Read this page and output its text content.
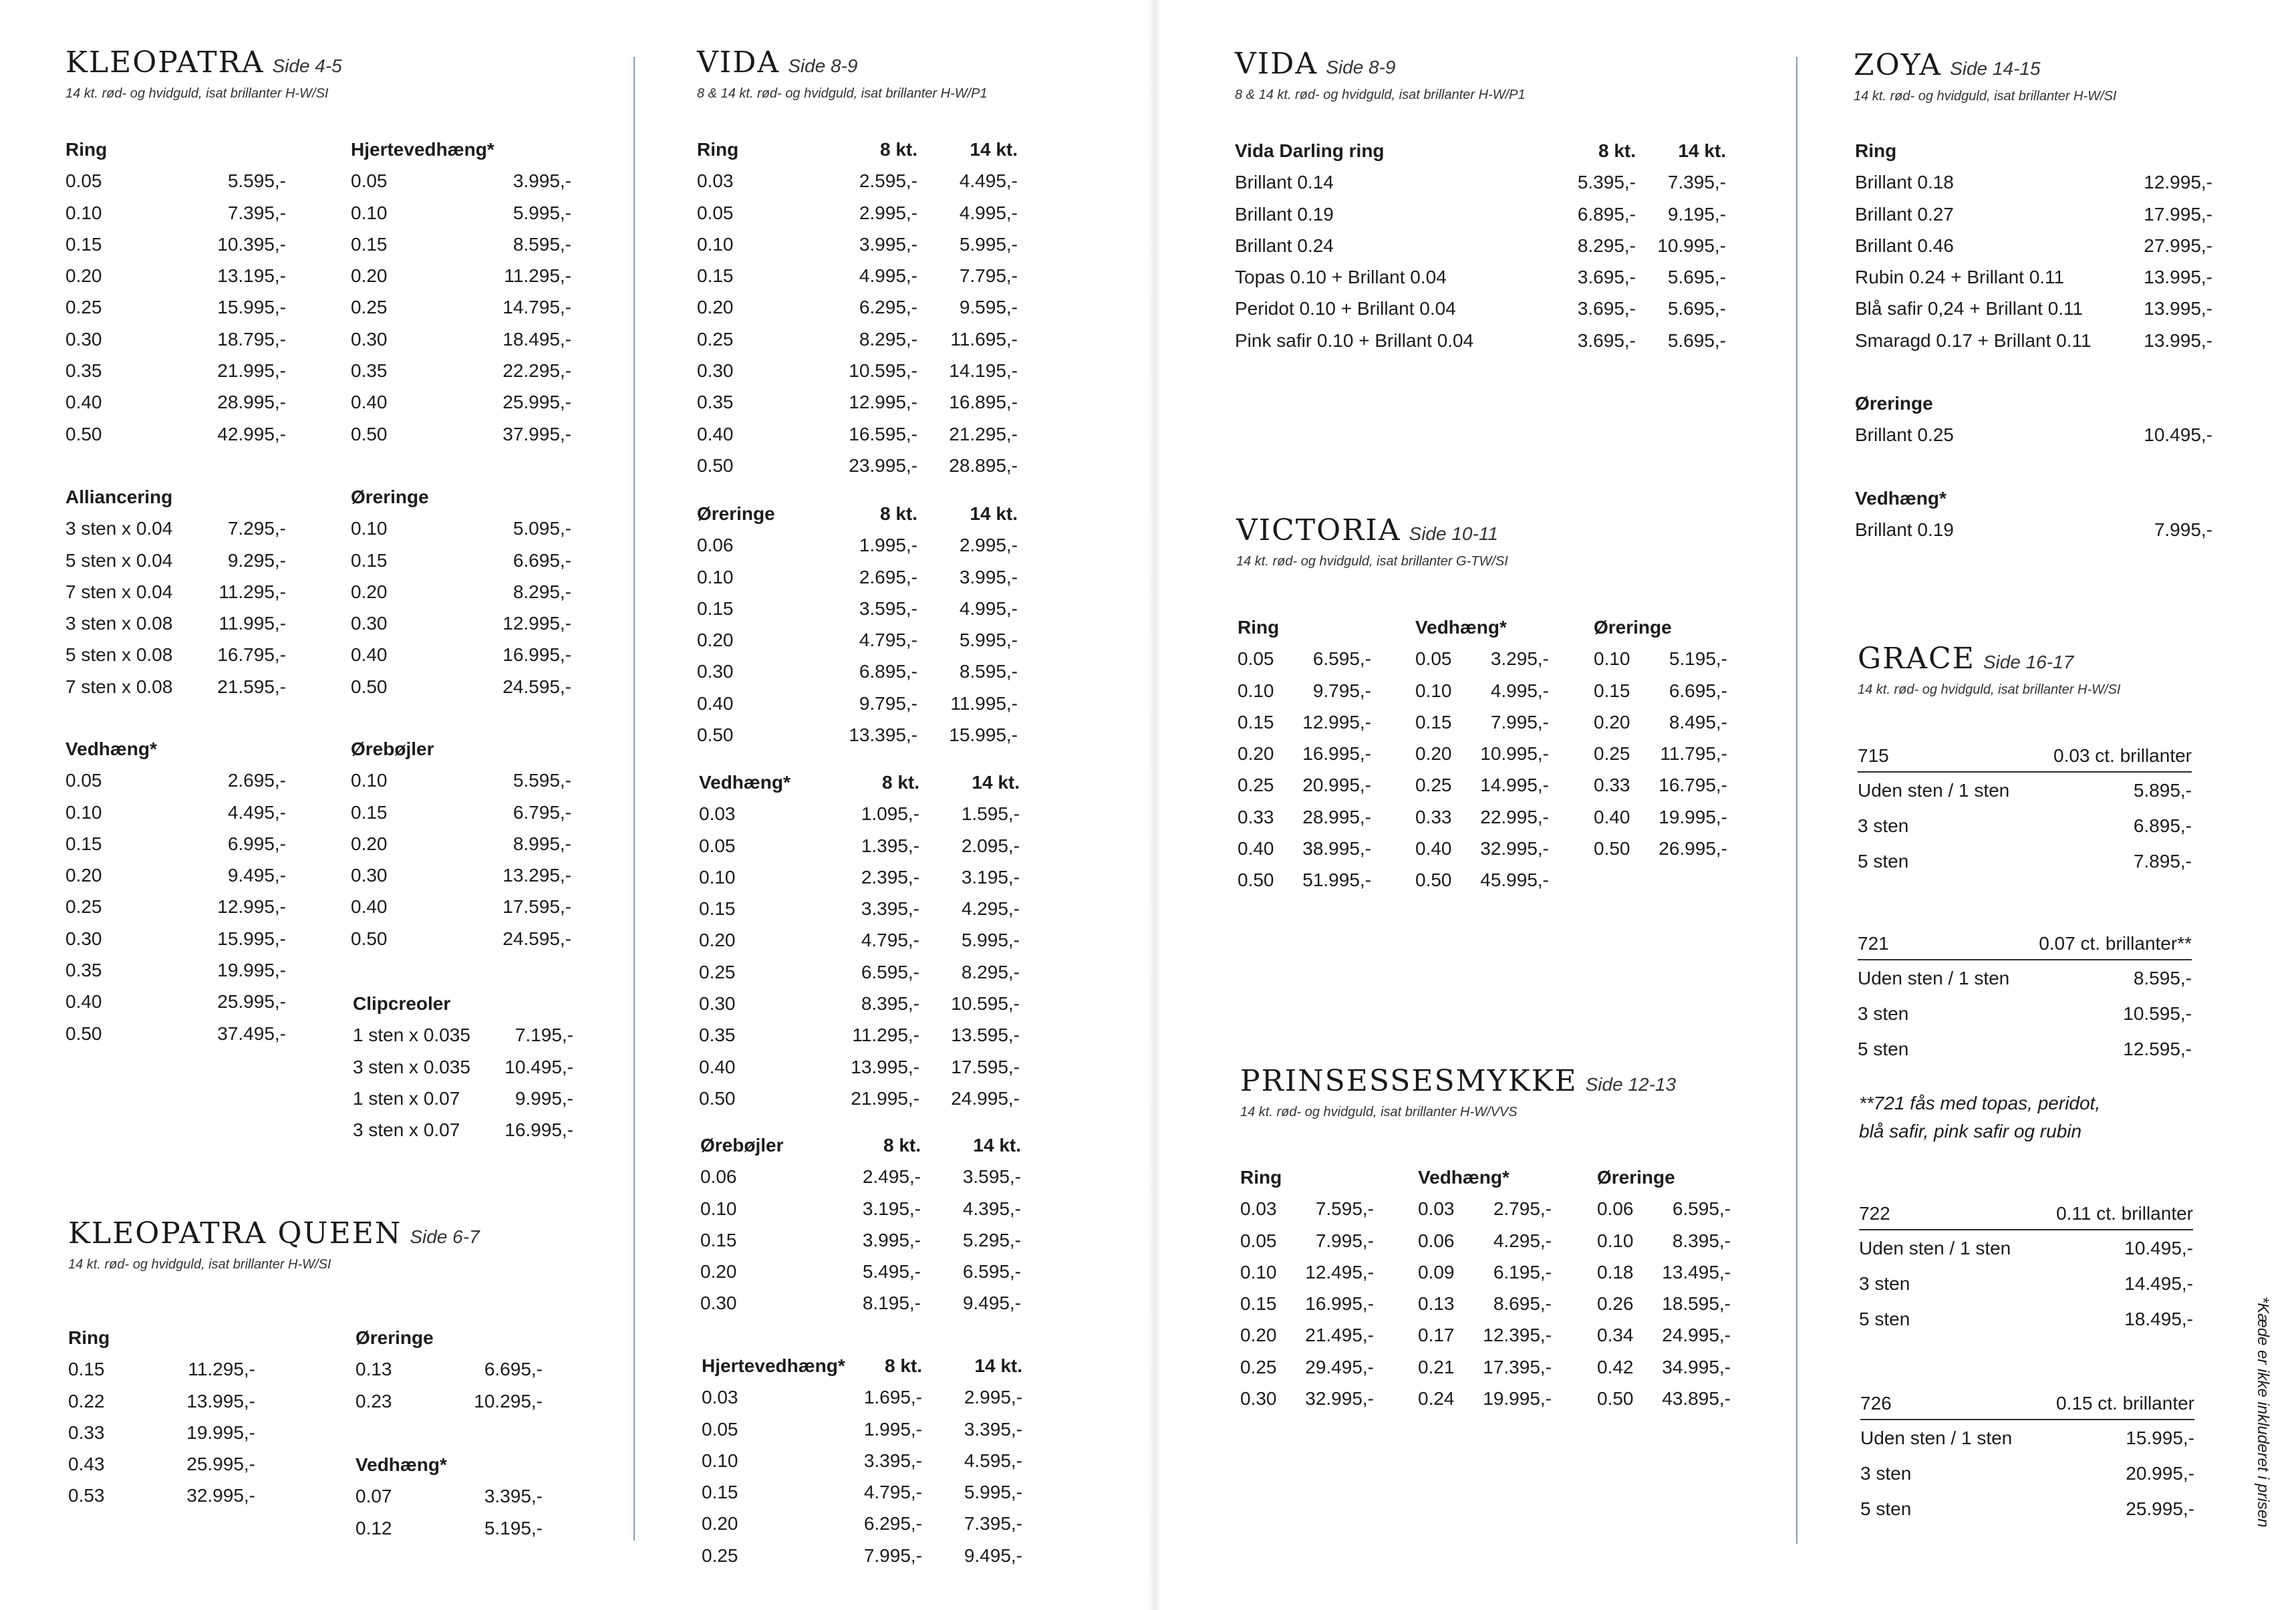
KLEOPATRA Side 4-5
14 kt. rød- og hvidguld, isat brillanter H-W/SI
Ring
0.05	5.595,-
0.10	7.395,-
0.15	10.395,-
0.20	13.195,-
0.25	15.995,-
0.30	18.795,-
0.35	21.995,-
0.40	28.995,-
0.50	42.995,-
Hjertevedhæng*
0.05	3.995,-
0.10	5.995,-
0.15	8.595,-
0.20	11.295,-
0.25	14.795,-
0.30	18.495,-
0.35	22.295,-
0.40	25.995,-
0.50	37.995,-
Alliancering
3 sten x 0.04	7.295,-
5 sten x 0.04	9.295,-
7 sten x 0.04 11.295,-
3 sten x 0.08 11.995,-
5 sten x 0.08 16.795,-
7 sten x 0.08 21.595,-
Øreringe
0.10	5.095,-
0.15	6.695,-
0.20	8.295,-
0.30	12.995,-
0.40	16.995,-
0.50	24.595,-
Vedhæng*
0.05	2.695,-
0.10	4.495,-
0.15	6.995,-
0.20	9.495,-
0.25	12.995,-
0.30	15.995,-
0.35	19.995,-
0.40	25.995,-
0.50	37.495,-
Ørebøjler
0.10	5.595,-
0.15	6.795,-
0.20	8.995,-
0.30	13.295,-
0.40	17.595,-
0.50	24.595,-
Clipcreoler
1 sten x 0.035 7.195,-
3 sten x 0.035 10.495,-
1 sten x 0.07	9.995,-
3 sten x 0.07 16.995,-
KLEOPATRA QUEEN Side 6-7
14 kt. rød- og hvidguld, isat brillanter H-W/SI
Ring
0.15	11.295,-
0.22	13.995,-
0.33	19.995,-
0.43	25.995,-
0.53	32.995,-
Øreringe
0.13	6.695,-
0.23	10.295,-
Vedhæng*
0.07	3.395,-
0.12	5.195,-
VIDA Side 8-9
8 & 14 kt. rød- og hvidguld, isat brillanter H-W/P1
Ring	8 kt.	14 kt.
0.03	2.595,- 4.495,-
0.05	2.995,- 4.995,-
0.10	3.995,- 5.995,-
0.15	4.995,- 7.795,-
0.20	6.295,- 9.595,-
0.25	8.295,- 11.695,-
0.30	10.595,- 14.195,-
0.35	12.995,- 16.895,-
0.40	16.595,- 21.295,-
0.50	23.995,- 28.895,-
Øreringe	8 kt.	14 kt.
0.06	1.995,- 2.995,-
0.10	2.695,- 3.995,-
0.15	3.595,- 4.995,-
0.20	4.795,- 5.995,-
0.30	6.895,- 8.595,-
0.40	9.795,- 11.995,-
0.50	13.395,- 15.995,-
Vedhæng*	8 kt.	14 kt.
0.03	1.095,- 1.595,-
0.05	1.395,- 2.095,-
0.10	2.395,- 3.195,-
0.15	3.395,- 4.295,-
0.20	4.795,- 5.995,-
0.25	6.595,- 8.295,-
0.30	8.395,- 10.595,-
0.35	11.295,- 13.595,-
0.40	13.995,- 17.595,-
0.50	21.995,- 24.995,-
Ørebøjler	8 kt.	14 kt.
0.06	2.495,- 3.595,-
0.10	3.195,- 4.395,-
0.15	3.995,- 5.295,-
0.20	5.495,- 6.595,-
0.30	8.195,- 9.495,-
Hjertevedhæng* 8 kt.	14 kt.
0.03	1.695,- 2.995,-
0.05	1.995,- 3.395,-
0.10	3.395,- 4.595,-
0.15	4.795,- 5.995,-
0.20	6.295,- 7.395,-
0.25	7.995,- 9.495,-
VIDA Side 8-9
8 & 14 kt. rød- og hvidguld, isat brillanter H-W/P1
Vida Darling ring	8 kt. 14 kt.
Brillant 0.14	5.395,- 7.395,-
Brillant 0.19	6.895,- 9.195,-
Brillant 0.24	8.295,- 10.995,-
Topas 0.10 + Brillant 0.04	3.695,- 5.695,-
Peridot 0.10 + Brillant 0.04	3.695,- 5.695,-
Pink safir 0.10 + Brillant 0.04	3.695,- 5.695,-
VICTORIA Side 10-11
14 kt. rød- og hvidguld, isat brillanter G-TW/SI
Ring
0.05 6.595,-
0.10 9.795,-
0.15 12.995,-
0.20 16.995,-
0.25 20.995,-
0.33 28.995,-
0.40 38.995,-
0.50 51.995,-
Vedhæng*
0.05 3.295,-
0.10 4.995,-
0.15 7.995,-
0.20 10.995,-
0.25 14.995,-
0.33 22.995,-
0.40 32.995,-
0.50 45.995,-
Øreringe
0.10 5.195,-
0.15 6.695,-
0.20 8.495,-
0.25 11.795,-
0.33 16.795,-
0.40 19.995,-
0.50 26.995,-
PRINSESSESMYKKE Side 12-13
14 kt. rød- og hvidguld, isat brillanter H-W/VVS
Ring
0.03 7.595,-
0.05 7.995,-
0.10 12.495,-
0.15 16.995,-
0.20 21.495,-
0.25 29.495,-
0.30 32.995,-
Vedhæng*
0.03 2.795,-
0.06 4.295,-
0.09 6.195,-
0.13 8.695,-
0.17 12.395,-
0.21 17.395,-
0.24 19.995,-
Øreringe
0.06 6.595,-
0.10 8.395,-
0.18 13.495,-
0.26 18.595,-
0.34 24.995,-
0.42 34.995,-
0.50 43.895,-
ZOYA Side 14-15
14 kt. rød- og hvidguld, isat brillanter H-W/SI
Ring
Brillant 0.18	12.995,-
Brillant 0.27	17.995,-
Brillant 0.46	27.995,-
Rubin 0.24 + Brillant 0.11	13.995,-
Blå safir 0,24 + Brillant 0.11	13.995,-
Smaragd 0.17 + Brillant 0.11	13.995,-
Øreringe
Brillant 0.25	10.495,-
Vedhæng*
Brillant 0.19	7.995,-
GRACE Side 16-17
14 kt. rød- og hvidguld, isat brillanter H-W/SI
715	0.03 ct. brillanter
Uden sten / 1 sten	5.895,-
3 sten	6.895,-
5 sten	7.895,-
721	0.07 ct. brillanter**
Uden sten / 1 sten	8.595,-
3 sten	10.595,-
5 sten	12.595,-
**721 fås med topas, peridot,
blå safir, pink safir og rubin
722	0.11 ct. brillanter
Uden sten / 1 sten	10.495,-
3 sten	14.495,-
5 sten	18.495,-
726	0.15 ct. brillanter
Uden sten / 1 sten	15.995,-
3 sten	20.995,-
5 sten	25.995,-	*Kæde er ikke inkluderet i prisen
